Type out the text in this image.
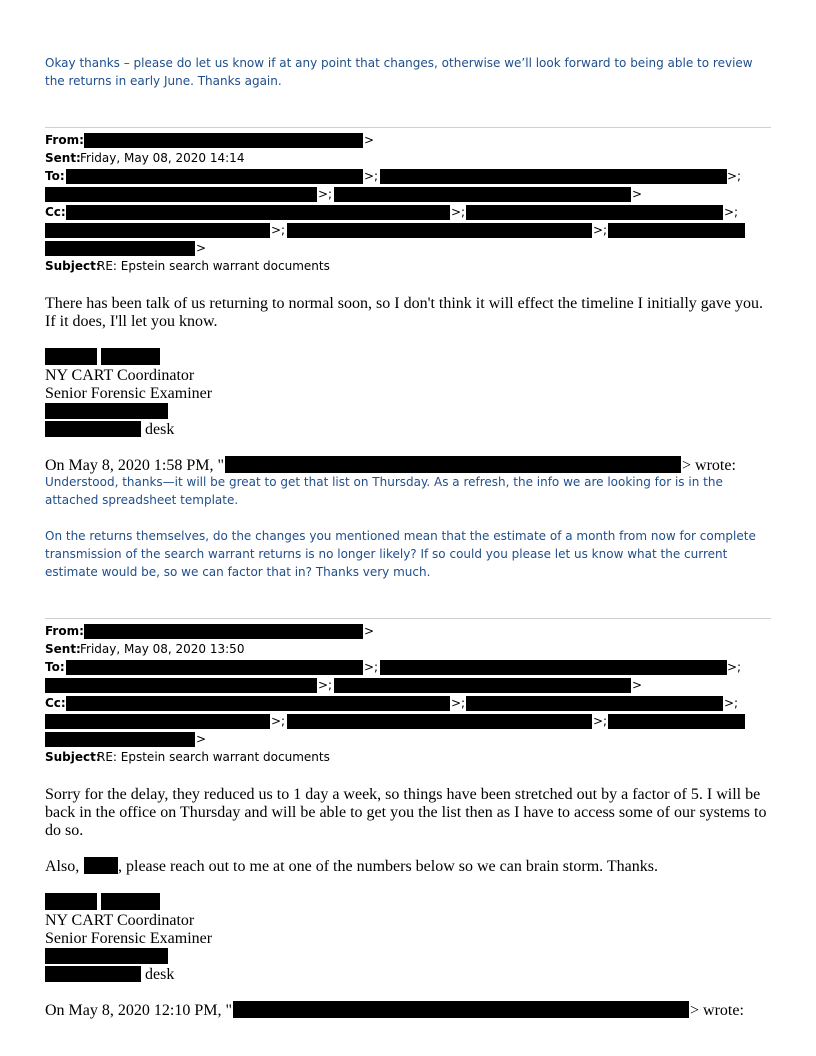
Okay thanks – please do let us know if at any point that changes, otherwise we’ll look forward to being able to review the returns in early June. Thanks again.
From:	>
Sent: Friday, May 08, 2020 14:14
To:	>;	>;
>;	>
Cc:	>;	>;
>;	>;
>
Subject:
RE: Epstein search warrant documents
There has been talk of us returning to normal soon, so I don't think it will effect the timeline I initially gave you. If it does, I'll let you know.
NY CART Coordinator
Senior Forensic Examiner
desk
On May 8, 2020 1:58 PM, "	> wrote:
Understood, thanks—it will be great to get that list on Thursday. As a refresh, the info we are looking for is in the attached spreadsheet template.
On the returns themselves, do the changes you mentioned mean that the estimate of a month from now for complete transmission of the search warrant returns is no longer likely? If so could you please let us know what the current estimate would be, so we can factor that in? Thanks very much.
From:	>
Sent: Friday, May 08, 2020 13:50
To:	>;	>;
>;	>
Cc:	>;	>;
>;	>;
>
Subject:
RE: Epstein search warrant documents
Sorry for the delay, they reduced us to 1 day a week, so things have been stretched out by a factor of 5. I will be back in the office on Thursday and will be able to get you the list then as I have to access some of our systems to do so.
Also, , please reach out to me at one of the numbers below so we can brain storm. Thanks.
NY CART Coordinator
Senior Forensic Examiner
desk
On May 8, 2020 12:10 PM, "	> wrote:
